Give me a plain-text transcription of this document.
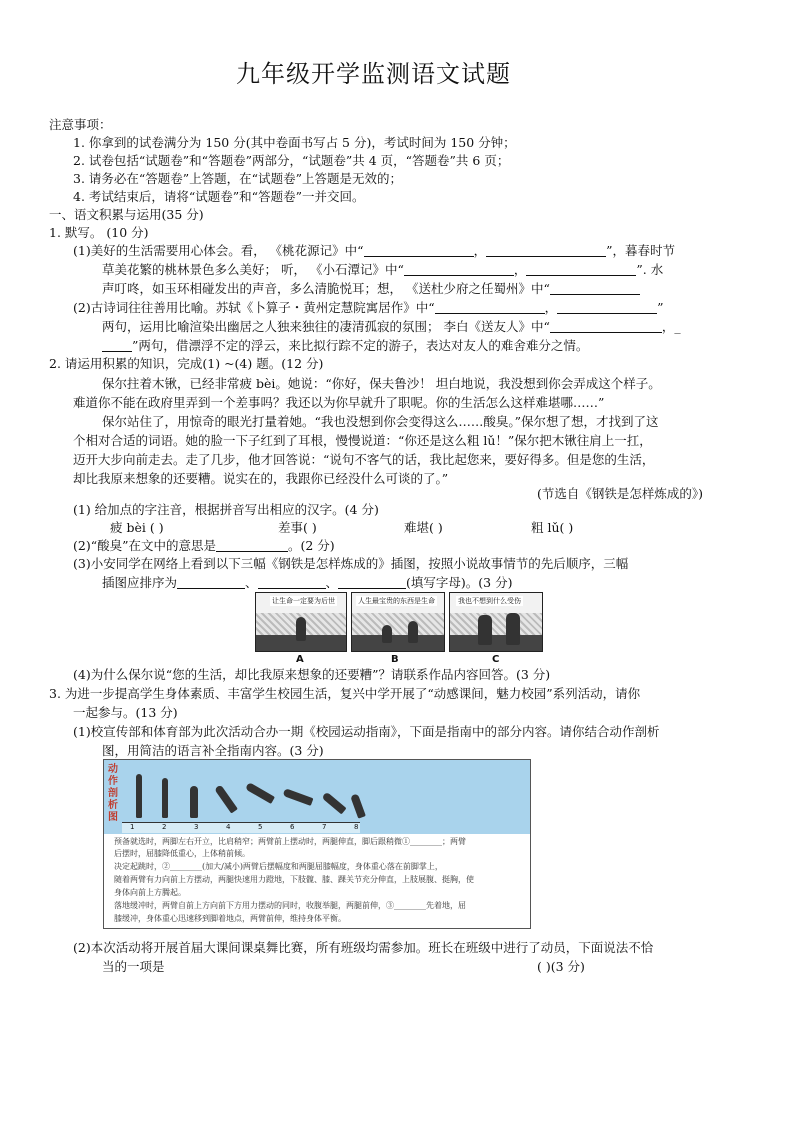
九年级开学监测语文试题
注意事项：
1. 你拿到的试卷满分为 150 分(其中卷面书写占 5 分)，考试时间为 150 分钟；
2. 试卷包括“试题卷”和“答题卷”两部分，“试题卷”共 4 页，“答题卷”共 6 页；
3. 请务必在“答题卷”上答题，在“试题卷”上答题是无效的；
4. 考试结束后，请将“试题卷”和“答题卷”一并交回。
一、语文积累与运用(35 分)
1. 默写。 (10 分)
(1)美好的生活需要用心体会。看， 《桃花源记》中“	，	”，暮春时节
草美花繁的桃林景色多么美好； 听， 《小石潭记》中“	，	”. 水
声叮咚，如玉环相碰发出的声音，多么清脆悦耳；想， 《送杜少府之任蜀州》中“
(2)古诗词往往善用比喻。苏轼《卜算子・黄州定慧院寓居作》中“	，	”
两句，运用比喻渲染出幽居之人独来独往的凄清孤寂的氛围； 李白《送友人》中“	，_
”两句，借漂浮不定的浮云，来比拟行踪不定的游子，表达对友人的难舍难分之情。
2. 请运用积累的知识，完成(1) ~(4) 题。(12 分)
保尔拄着木锹，已经非常疲 bèi。她说：“你好，保夫鲁沙！ 坦白地说，我没想到你会弄成这个样子。
难道你不能在政府里弄到一个差事吗？我还以为你早就升了职呢。你的生活怎么这样难堪哪……”
保尔站住了，用惊奇的眼光打量着她。“我也没想到你会变得这么……酸臭。”保尔想了想，才找到了这
个相对合适的词语。她的脸一下子红到了耳根，慢慢说道：“你还是这么粗 lǔ！”保尔把木锹往肩上一扛，
迈开大步向前走去。走了几步，他才回答说：“说句不客气的话，我比起您来，要好得多。但是您的生活，
却比我原来想象的还要糟。说实在的，我跟你已经没什么可谈的了。”
(节选自《钢铁是怎样炼成的》)
(1) 给加点的字注音，根据拼音写出相应的汉字。(4 分)
疲 bèi ( )	差事( )	难堪( )	粗 lǔ( )
(2)“酸臭”在文中的意思是	。(2 分)
(3)小安同学在网络上看到以下三幅《钢铁是怎样炼成的》插图，按照小说故事情节的先后顺序，三幅
插图应排序为	、	、	(填写字母)。(3 分)
让生命一定要为后世	人生最宝贵的东西是生命	我也不想到什么受伤
A	B	C
(4)为什么保尔说“您的生活，却比我原来想象的还要糟”？请联系作品内容回答。(3 分)
3. 为进一步提高学生身体素质、丰富学生校园生活，复兴中学开展了“动感课间，魅力校园”系列活动，请你
一起参与。(13 分)
(1)校宣传部和体育部为此次活动合办一期《校园运动指南》，下面是指南中的部分内容。请你结合动作剖析
图，用简洁的语言补全指南内容。(3 分)
动作剖析图
1	2	3	4	5	6	7	8
预备就选时，两脚左右开立，比肩稍窄；两臂前上摆动时，两腿伸直，脚后跟稍微①________；两臂
后摆时，屈膝降低重心，上体稍前倾。
决定起跳时，②________(加大/减小)两臂后摆幅度和两腿屈膝幅度，身体重心落在前脚掌上，
随着两臂有力向前上方摆动，两腿快速用力蹬地，下肢髋、膝、踝关节充分伸直，上肢展腹、挺胸，使
身体向前上方腾起。
落地缓冲时，两臂自前上方向前下方用力摆动的同时，收腹举腿，两腿前伸，③________先着地，屈
膝缓冲，身体重心迅速移到脚着地点，两臂前伸，维持身体平衡。
(2)本次活动将开展首届大课间课桌舞比赛，所有班级均需参加。班长在班级中进行了动员，下面说法不恰
当的一项是	( )(3 分)
